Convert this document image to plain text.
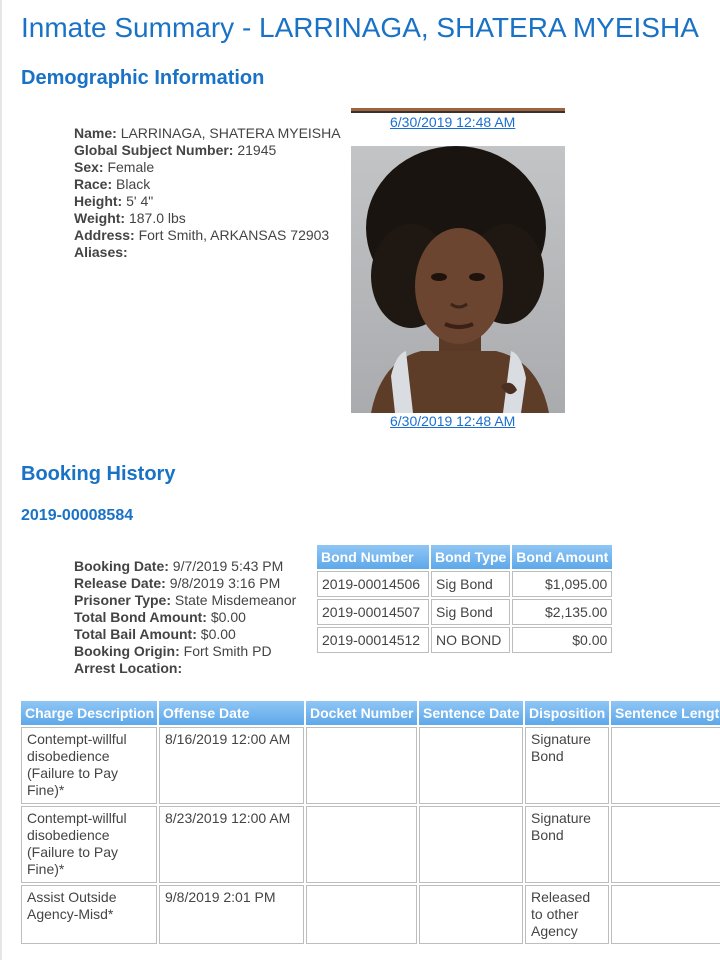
Inmate Summary - LARRINAGA, SHATERA MYEISHA
Demographic Information
Name: LARRINAGA, SHATERA MYEISHA
Global Subject Number: 21945
Sex: Female
Race: Black
Height: 5' 4"
Weight: 187.0 lbs
Address: Fort Smith, ARKANSAS 72903
Aliases:
6/30/2019 12:48 AM
6/30/2019 12:48 AM
Booking History
2019-00008584
Booking Date: 9/7/2019 5:43 PM
Release Date: 9/8/2019 3:16 PM
Prisoner Type: State Misdemeanor
Total Bond Amount: $0.00
Total Bail Amount: $0.00
Booking Origin: Fort Smith PD
Arrest Location:
Bond Number	Bond Type	Bond Amount
2019-00014506	Sig Bond	$1,095.00
2019-00014507	Sig Bond	$2,135.00
2019-00014512	NO BOND	$0.00
Charge Description	Offense Date	Docket Number	Sentence Date	Disposition	Sentence Lengt
Contempt-willful disobedience (Failure to Pay Fine)*	8/16/2019 12:00 AM			Signature Bond	
Contempt-willful disobedience (Failure to Pay Fine)*	8/23/2019 12:00 AM			Signature Bond	
Assist Outside Agency-Misd*	9/8/2019 2:01 PM			Released to other Agency	
